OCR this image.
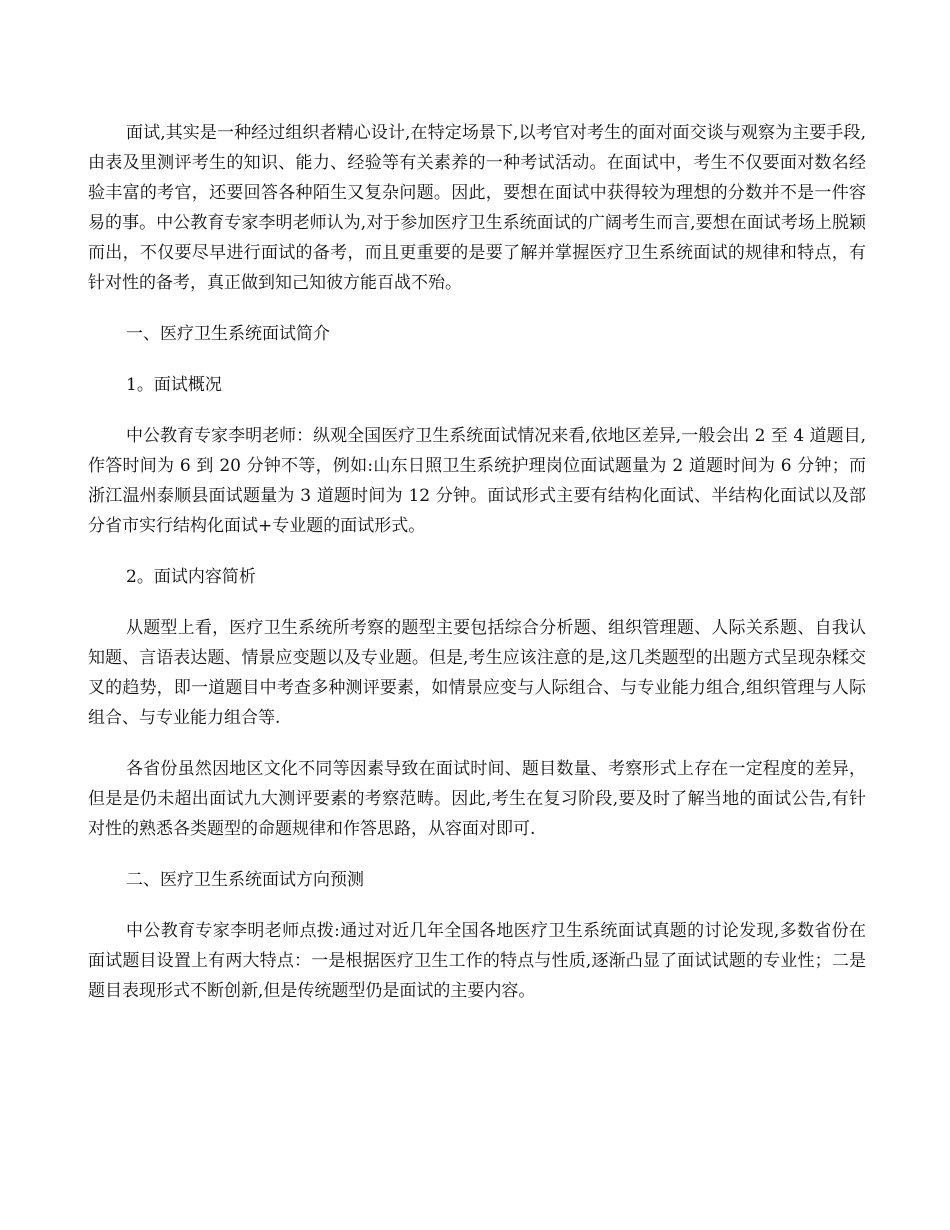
面试,其实是一种经过组织者精心设计,在特定场景下,以考官对考生的面对面交谈与观察为主要手段,由表及里测评考生的知识、能力、经验等有关素养的一种考试活动。在面试中，考生不仅要面对数名经验丰富的考官，还要回答各种陌生又复杂问题。因此，要想在面试中获得较为理想的分数并不是一件容易的事。中公教育专家李明老师认为,对于参加医疗卫生系统面试的广阔考生而言,要想在面试考场上脱颖而出，不仅要尽早进行面试的备考，而且更重要的是要了解并掌握医疗卫生系统面试的规律和特点，有针对性的备考，真正做到知己知彼方能百战不殆。

一、医疗卫生系统面试简介

1。面试概况

中公教育专家李明老师：纵观全国医疗卫生系统面试情况来看,依地区差异,一般会出 2 至 4 道题目,作答时间为 6 到 20 分钟不等，例如:山东日照卫生系统护理岗位面试题量为 2 道题时间为 6 分钟；而浙江温州泰顺县面试题量为 3 道题时间为 12 分钟。面试形式主要有结构化面试、半结构化面试以及部分省市实行结构化面试+专业题的面试形式。

2。面试内容简析

从题型上看，医疗卫生系统所考察的题型主要包括综合分析题、组织管理题、人际关系题、自我认知题、言语表达题、情景应变题以及专业题。但是,考生应该注意的是,这几类题型的出题方式呈现杂糅交叉的趋势，即一道题目中考查多种测评要素，如情景应变与人际组合、与专业能力组合,组织管理与人际组合、与专业能力组合等.

各省份虽然因地区文化不同等因素导致在面试时间、题目数量、考察形式上存在一定程度的差异，但是是仍未超出面试九大测评要素的考察范畴。因此,考生在复习阶段,要及时了解当地的面试公告,有针对性的熟悉各类题型的命题规律和作答思路，从容面对即可.

二、医疗卫生系统面试方向预测

中公教育专家李明老师点拨:通过对近几年全国各地医疗卫生系统面试真题的讨论发现,多数省份在面试题目设置上有两大特点：一是根据医疗卫生工作的特点与性质,逐渐凸显了面试试题的专业性；二是题目表现形式不断创新,但是传统题型仍是面试的主要内容。
